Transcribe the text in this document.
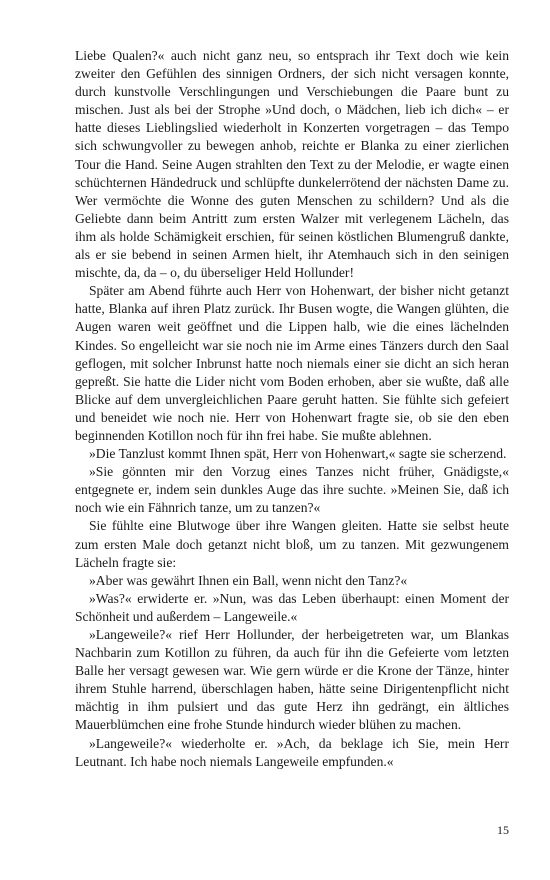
Liebe Qualen?« auch nicht ganz neu, so entsprach ihr Text doch wie kein zweiter den Gefühlen des sinnigen Ordners, der sich nicht versagen konnte, durch kunstvolle Verschlingungen und Verschiebungen die Paare bunt zu mischen. Just als bei der Strophe »Und doch, o Mädchen, lieb ich dich« – er hatte dieses Lieblingslied wiederholt in Konzerten vorgetragen – das Tempo sich schwungvoller zu bewegen anhob, reichte er Blanka zu einer zierlichen Tour die Hand. Seine Augen strahlten den Text zu der Melodie, er wagte einen schüchternen Händedruck und schlüpfte dunkelerrötend der nächsten Dame zu. Wer vermöchte die Wonne des guten Menschen zu schildern? Und als die Geliebte dann beim Antritt zum ersten Walzer mit verlegenem Lächeln, das ihm als holde Schämigkeit erschien, für seinen köstlichen Blumengruß dankte, als er sie bebend in seinen Armen hielt, ihr Atemhauch sich in den seinigen mischte, da, da – o, du überseliger Held Hollunder!

Später am Abend führte auch Herr von Hohenwart, der bisher nicht getanzt hatte, Blanka auf ihren Platz zurück. Ihr Busen wogte, die Wangen glühten, die Augen waren weit geöffnet und die Lippen halb, wie die eines lächelnden Kindes. So engelleicht war sie noch nie im Arme eines Tänzers durch den Saal geflogen, mit solcher Inbrunst hatte noch niemals einer sie dicht an sich heran gepreßt. Sie hatte die Lider nicht vom Boden erhoben, aber sie wußte, daß alle Blicke auf dem unvergleichlichen Paare geruht hatten. Sie fühlte sich gefeiert und beneidet wie noch nie. Herr von Hohenwart fragte sie, ob sie den eben beginnenden Kotillon noch für ihn frei habe. Sie mußte ablehnen.

»Die Tanzlust kommt Ihnen spät, Herr von Hohenwart,« sagte sie scherzend.

»Sie gönnten mir den Vorzug eines Tanzes nicht früher, Gnädigste,« entgegnete er, indem sein dunkles Auge das ihre suchte. »Meinen Sie, daß ich noch wie ein Fähnrich tanze, um zu tanzen?«

Sie fühlte eine Blutwoge über ihre Wangen gleiten. Hatte sie selbst heute zum ersten Male doch getanzt nicht bloß, um zu tanzen. Mit gezwungenem Lächeln fragte sie:

»Aber was gewährt Ihnen ein Ball, wenn nicht den Tanz?«

»Was?« erwiderte er. »Nun, was das Leben überhaupt: einen Moment der Schönheit und außerdem – Langeweile.«

»Langeweile?« rief Herr Hollunder, der herbeigetreten war, um Blankas Nachbarin zum Kotillon zu führen, da auch für ihn die Gefeierte vom letzten Balle her versagt gewesen war. Wie gern würde er die Krone der Tänze, hinter ihrem Stuhle harrend, überschlagen haben, hätte seine Dirigentenpflicht nicht mächtig in ihm pulsiert und das gute Herz ihn gedrängt, ein ältliches Mauerblümchen eine frohe Stunde hindurch wieder blühen zu machen.

»Langeweile?« wiederholte er. »Ach, da beklage ich Sie, mein Herr Leutnant. Ich habe noch niemals Langeweile empfunden.«

15
